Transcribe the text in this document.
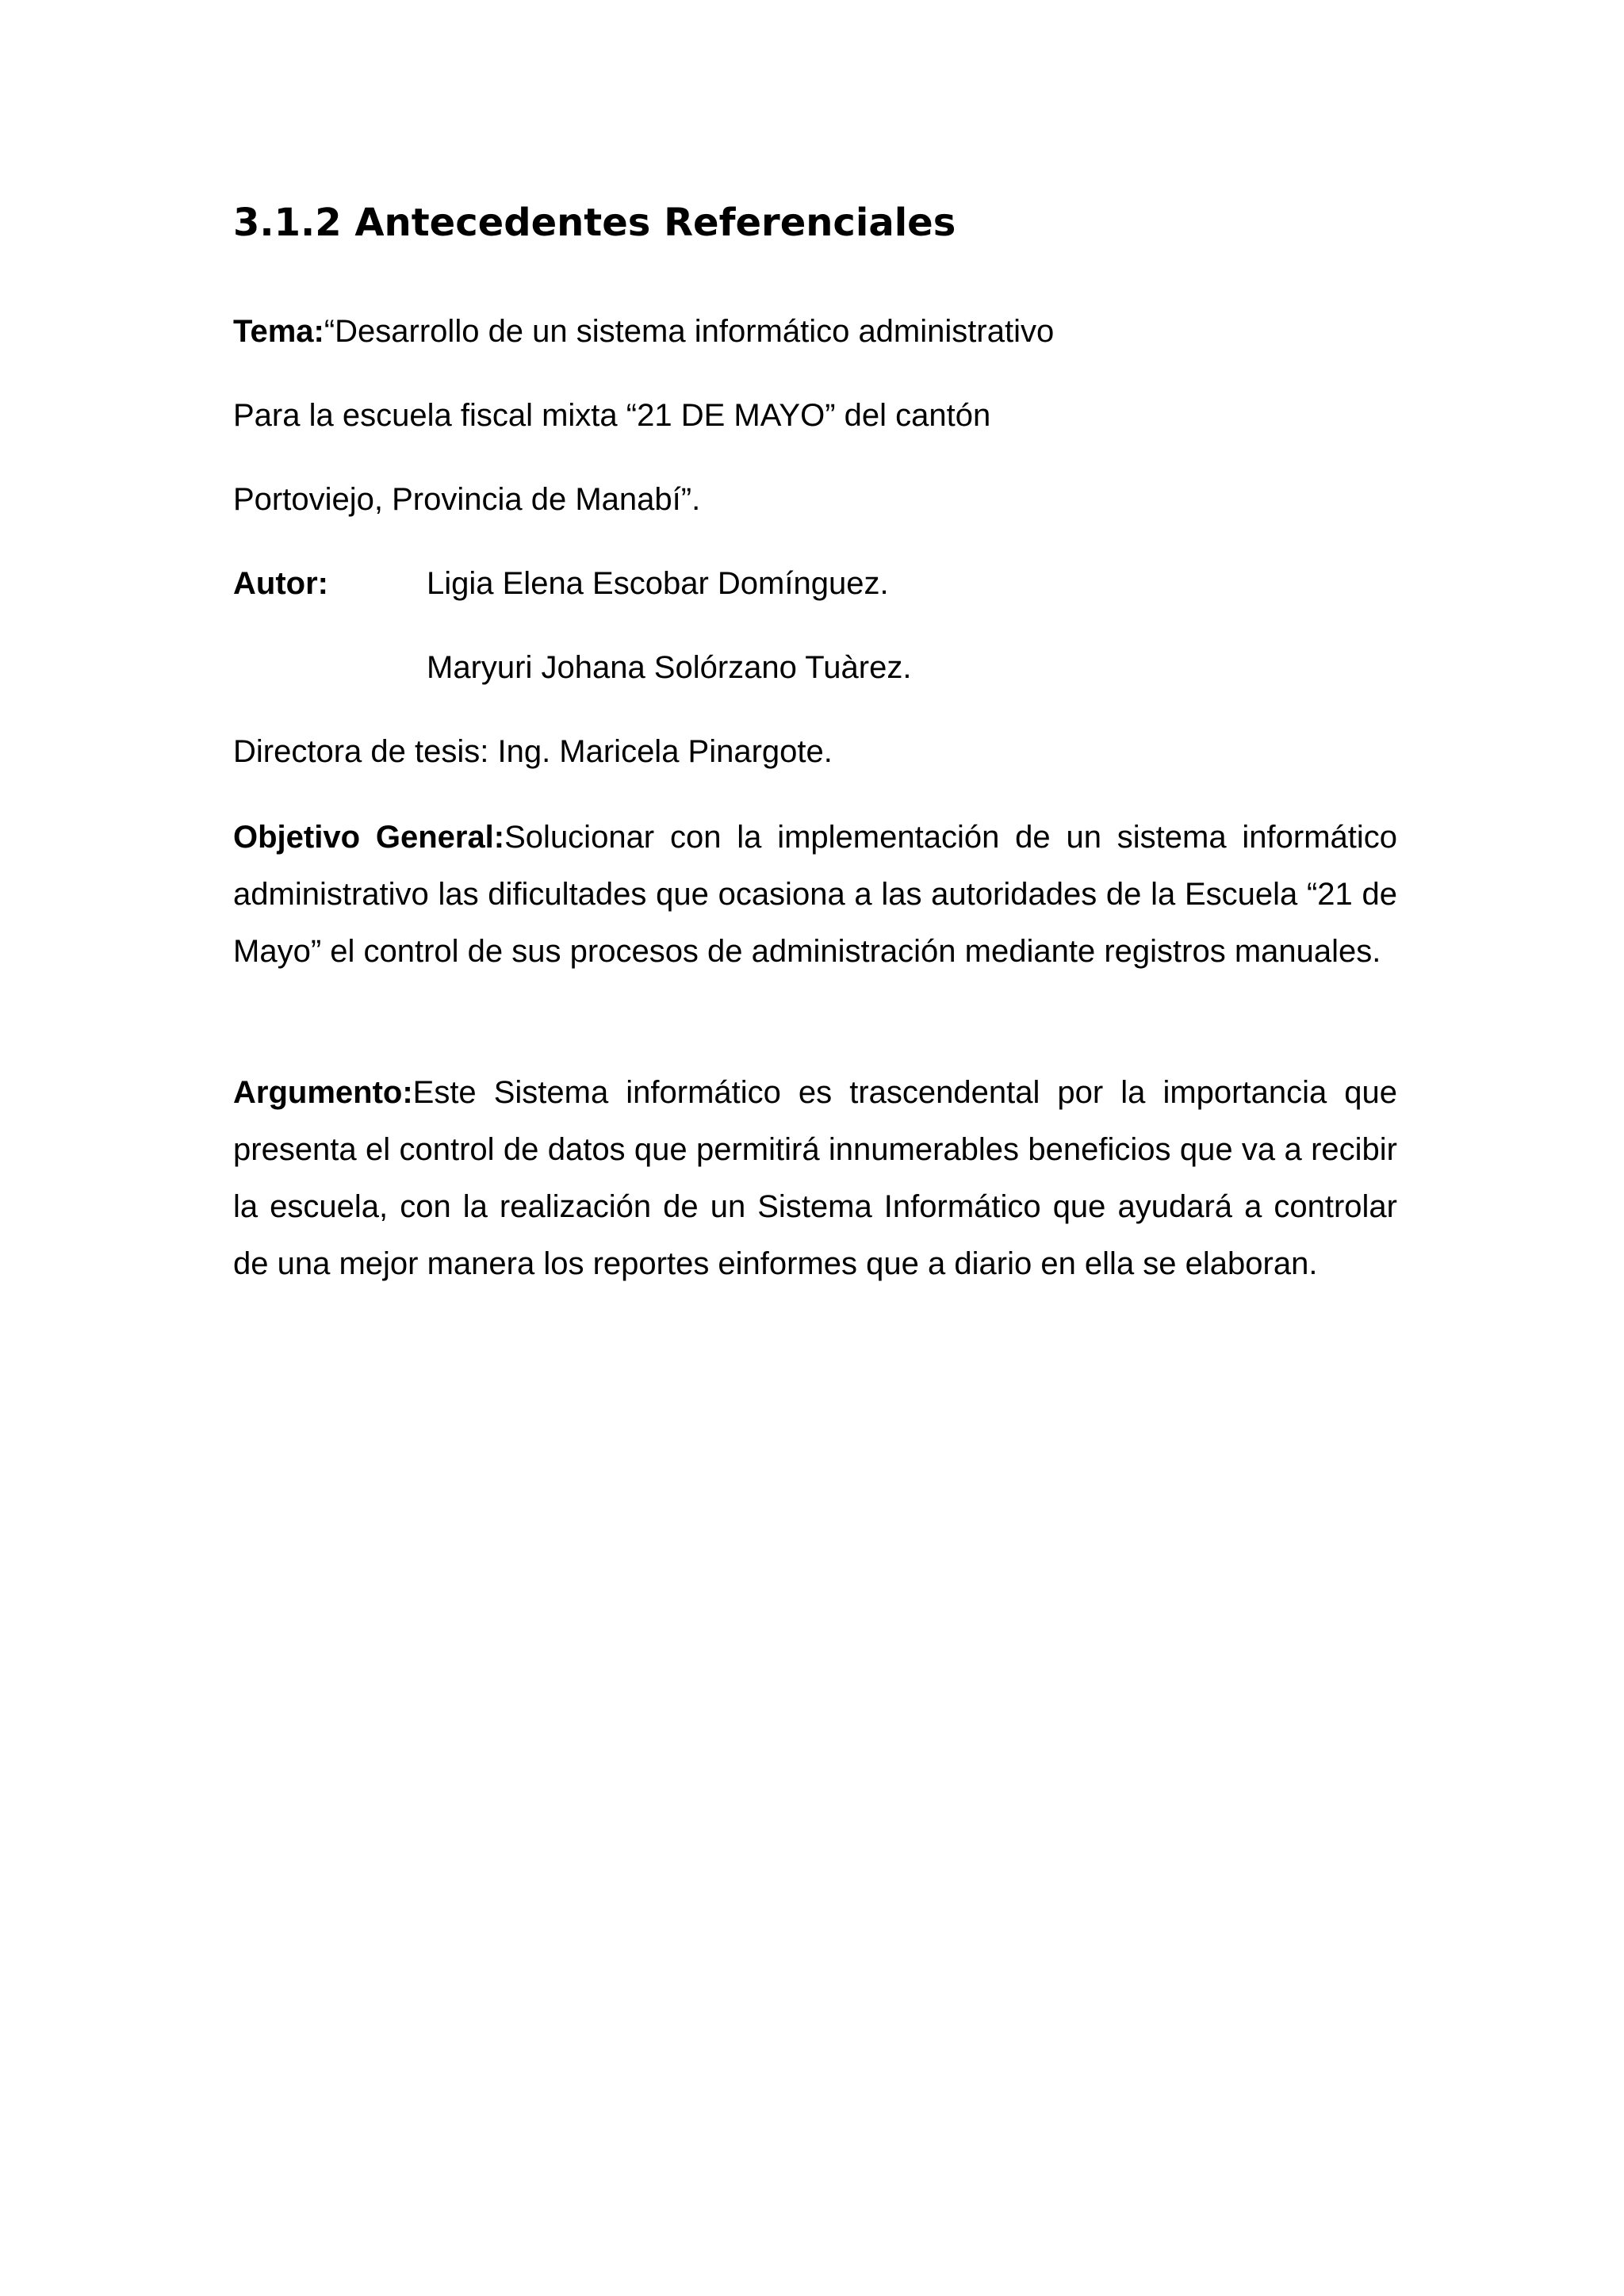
3.1.2 Antecedentes Referenciales
Tema:“Desarrollo de un sistema informático administrativo
Para la escuela fiscal mixta “21 DE MAYO” del cantón
Portoviejo, Provincia de Manabí”.
Autor:	Ligia Elena Escobar Domínguez.
Maryuri Johana Solórzano Tuàrez.
Directora de tesis: Ing. Maricela Pinargote.

Objetivo General:Solucionar con la implementación de un sistema informático administrativo las dificultades que ocasiona a las autoridades de la Escuela “21 de Mayo” el control de sus procesos de administración mediante registros manuales.

Argumento:Este Sistema informático es trascendental por la importancia que presenta el control de datos que permitirá innumerables beneficios que va a recibir la escuela, con la realización de un Sistema Informático que ayudará a controlar de una mejor manera los reportes einformes que a diario en ella se elaboran.
